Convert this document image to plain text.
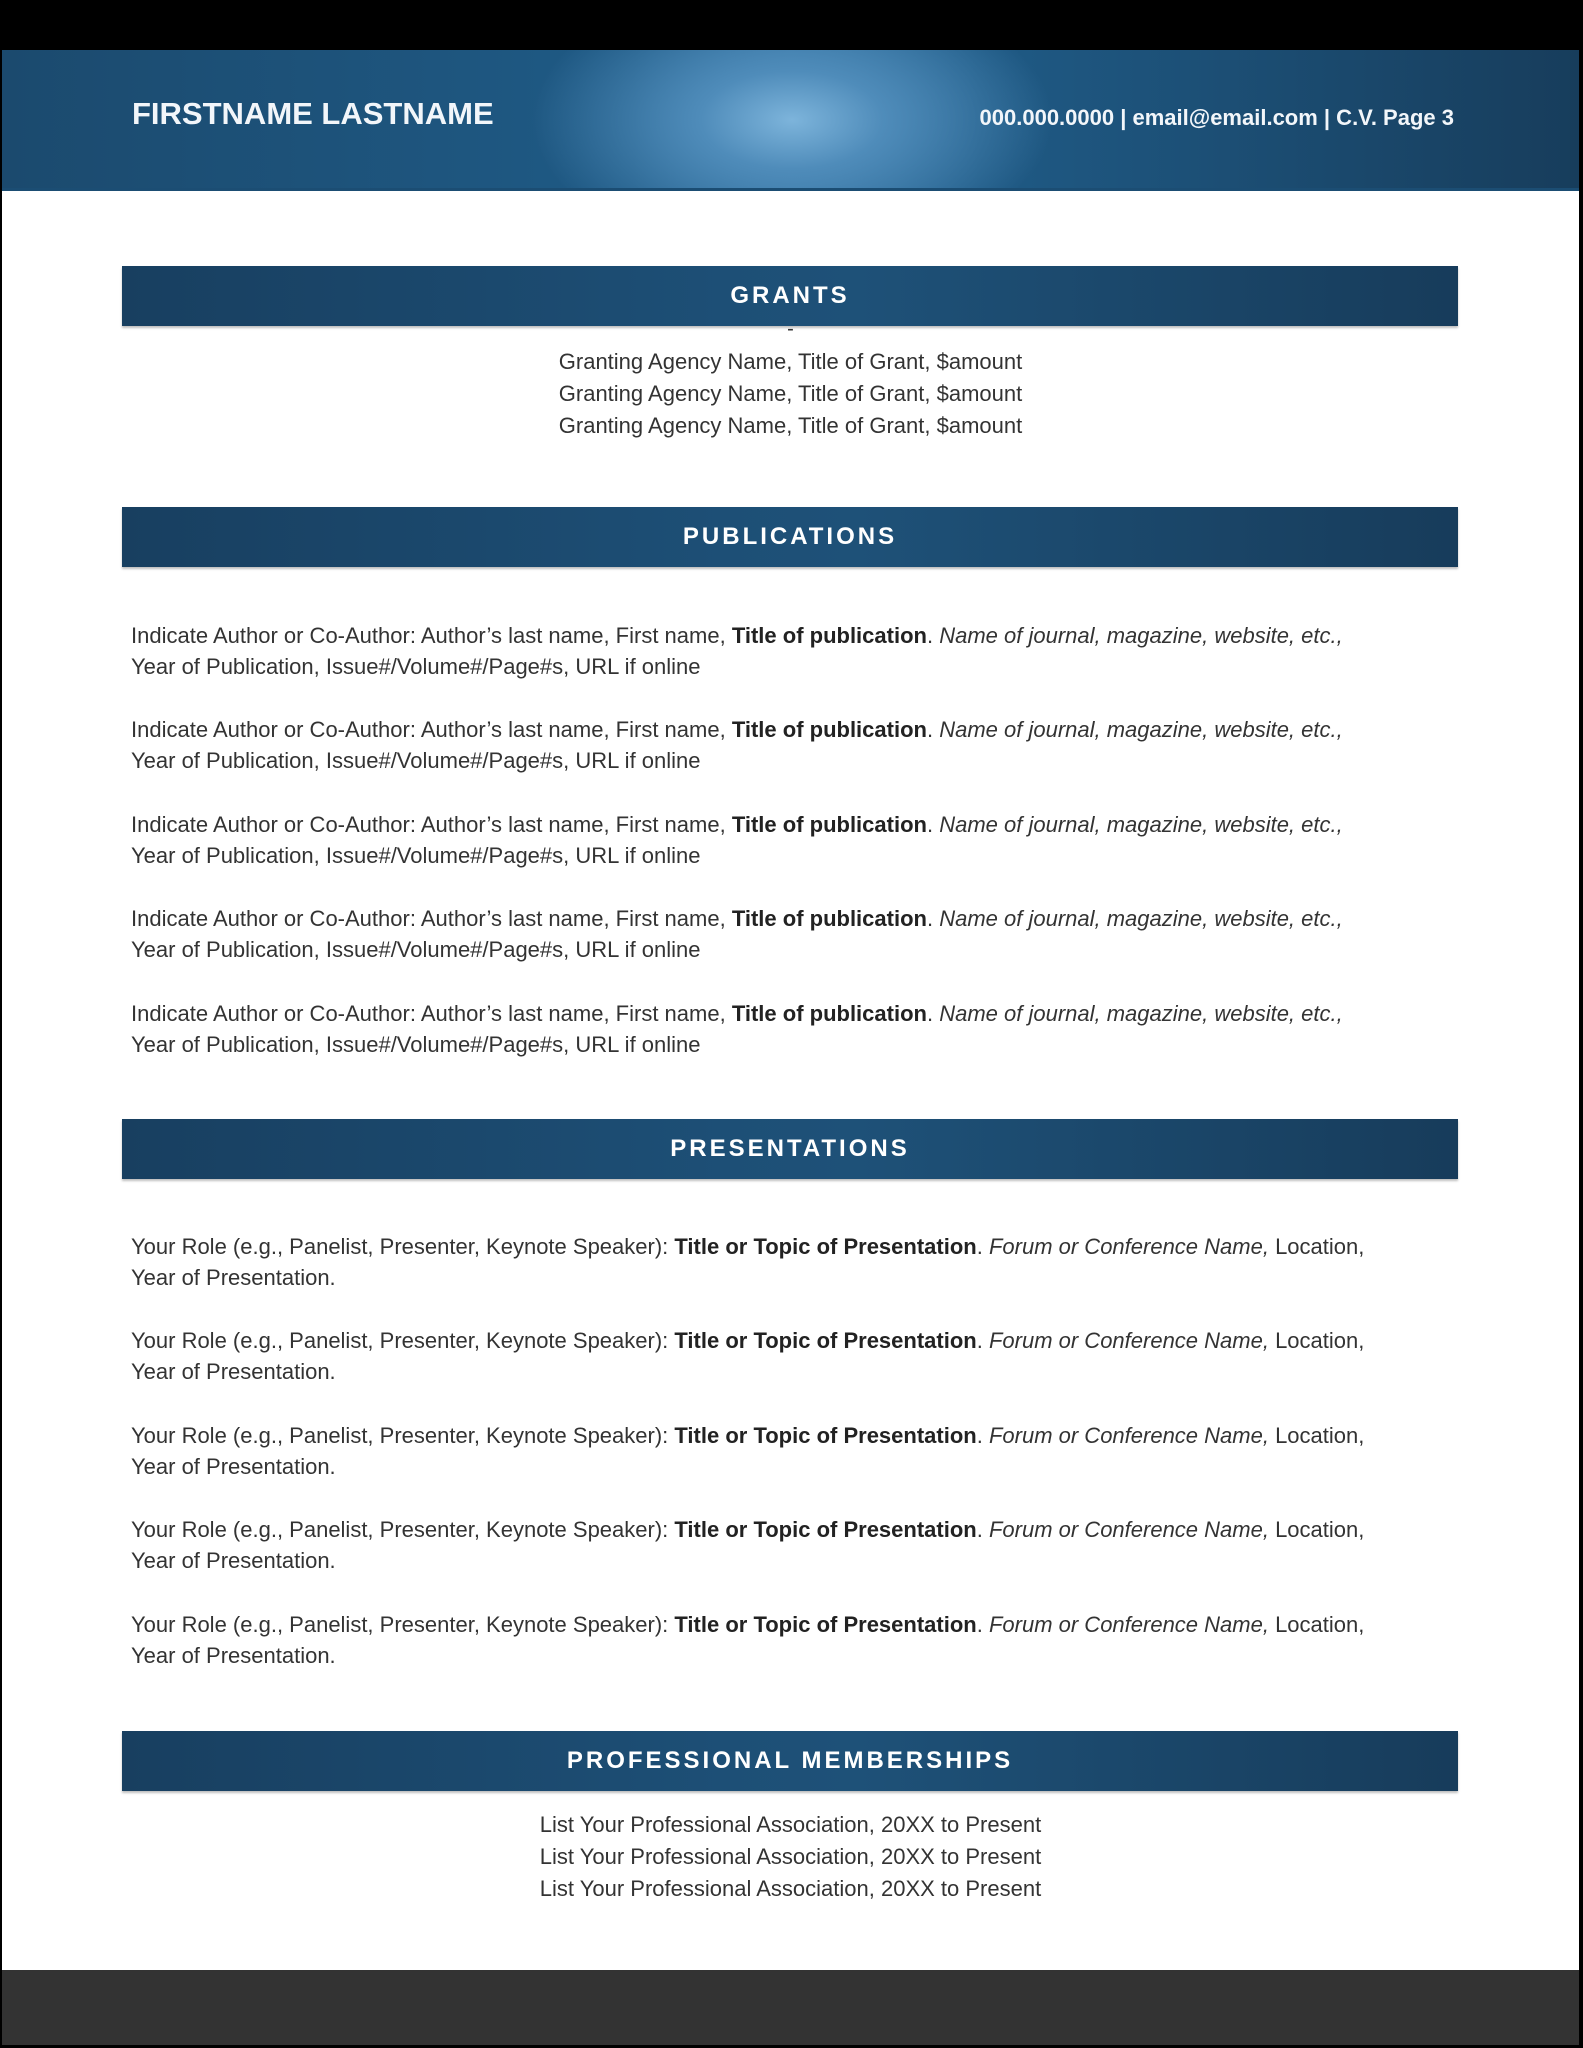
FIRSTNAME LASTNAME	000.000.0000 | email@email.com | C.V. Page 3
GRANTS
-
Granting Agency Name, Title of Grant, $amount
Granting Agency Name, Title of Grant, $amount
Granting Agency Name, Title of Grant, $amount
PUBLICATIONS
Indicate Author or Co-Author: Author’s last name, First name, Title of publication. Name of journal, magazine, website, etc.,
Year of Publication, Issue#/Volume#/Page#s, URL if online
Indicate Author or Co-Author: Author’s last name, First name, Title of publication. Name of journal, magazine, website, etc.,
Year of Publication, Issue#/Volume#/Page#s, URL if online
Indicate Author or Co-Author: Author’s last name, First name, Title of publication. Name of journal, magazine, website, etc.,
Year of Publication, Issue#/Volume#/Page#s, URL if online
Indicate Author or Co-Author: Author’s last name, First name, Title of publication. Name of journal, magazine, website, etc.,
Year of Publication, Issue#/Volume#/Page#s, URL if online
Indicate Author or Co-Author: Author’s last name, First name, Title of publication. Name of journal, magazine, website, etc.,
Year of Publication, Issue#/Volume#/Page#s, URL if online
PRESENTATIONS
Your Role (e.g., Panelist, Presenter, Keynote Speaker): Title or Topic of Presentation. Forum or Conference Name, Location,
Year of Presentation.
Your Role (e.g., Panelist, Presenter, Keynote Speaker): Title or Topic of Presentation. Forum or Conference Name, Location,
Year of Presentation.
Your Role (e.g., Panelist, Presenter, Keynote Speaker): Title or Topic of Presentation. Forum or Conference Name, Location,
Year of Presentation.
Your Role (e.g., Panelist, Presenter, Keynote Speaker): Title or Topic of Presentation. Forum or Conference Name, Location,
Year of Presentation.
Your Role (e.g., Panelist, Presenter, Keynote Speaker): Title or Topic of Presentation. Forum or Conference Name, Location,
Year of Presentation.
PROFESSIONAL MEMBERSHIPS
List Your Professional Association, 20XX to Present
List Your Professional Association, 20XX to Present
List Your Professional Association, 20XX to Present
